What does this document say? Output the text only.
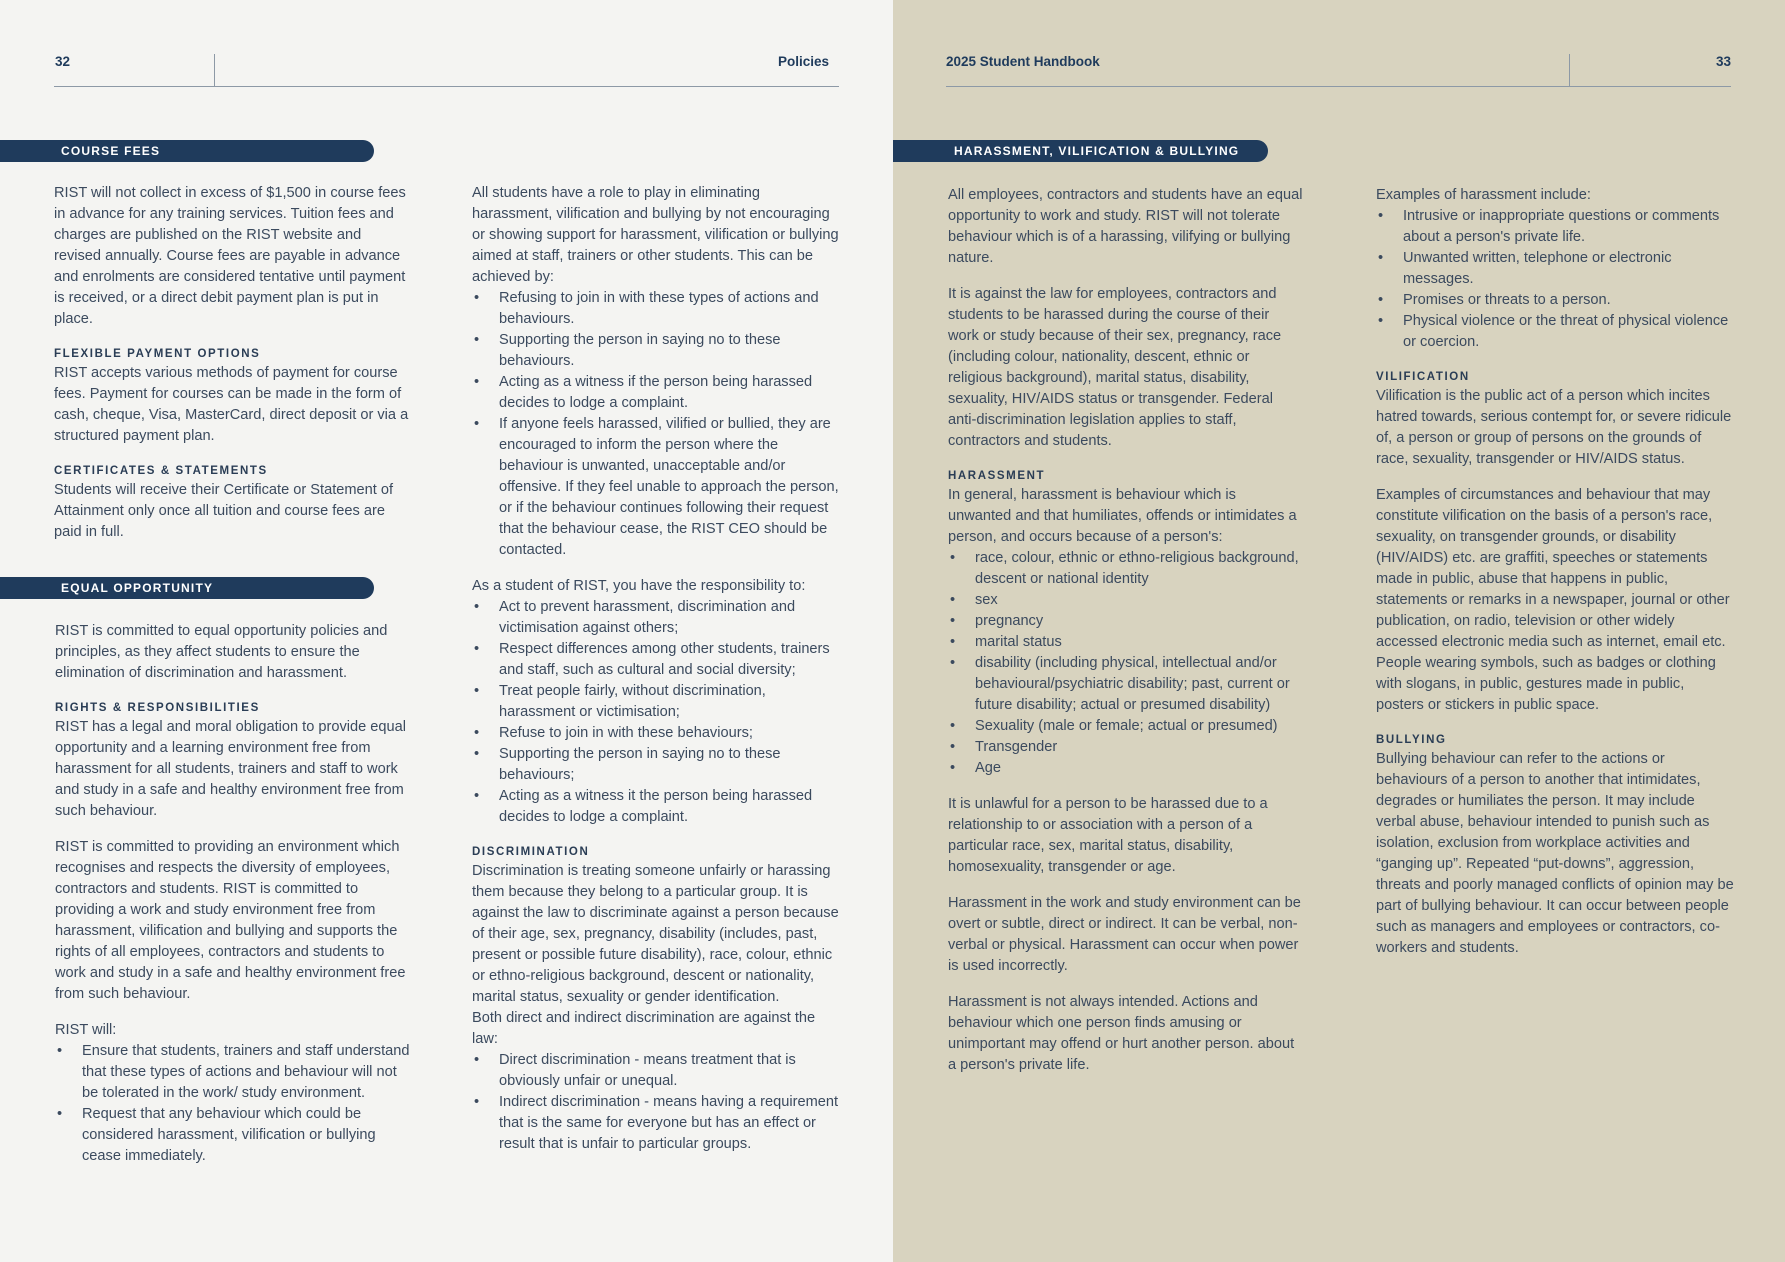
32	Policies
COURSE FEES

RIST will not collect in excess of $1,500 in course fees in advance for any training services. Tuition fees and charges are published on the RIST website and revised annually. Course fees are payable in advance and enrolments are considered tentative until payment is received, or a direct debit payment plan is put in place.

FLEXIBLE PAYMENT OPTIONS

RIST accepts various methods of payment for course fees. Payment for courses can be made in the form of cash, cheque, Visa, MasterCard, direct deposit or via a structured payment plan.

CERTIFICATES & STATEMENTS

Students will receive their Certificate or Statement of Attainment only once all tuition and course fees are paid in full.

EQUAL OPPORTUNITY

RIST is committed to equal opportunity policies and principles, as they affect students to ensure the elimination of discrimination and harassment.

RIGHTS & RESPONSIBILITIES

RIST has a legal and moral obligation to provide equal opportunity and a learning environment free from harassment for all students, trainers and staff to work and study in a safe and healthy environment free from such behaviour.

RIST is committed to providing an environment which recognises and respects the diversity of employees, contractors and students. RIST is committed to providing a work and study environment free from harassment, vilification and bullying and supports the rights of all employees, contractors and students to work and study in a safe and healthy environment free from such behaviour.

RIST will:

• Ensure that students, trainers and staff understand that these types of actions and behaviour will not be tolerated in the work/ study environment.
• Request that any behaviour which could be considered harassment, vilification or bullying cease immediately.

All students have a role to play in eliminating harassment, vilification and bullying by not encouraging or showing support for harassment, vilification or bullying aimed at staff, trainers or other students. This can be achieved by:

• Refusing to join in with these types of actions and behaviours.
• Supporting the person in saying no to these behaviours.
• Acting as a witness if the person being harassed decides to lodge a complaint.
• If anyone feels harassed, vilified or bullied, they are encouraged to inform the person where the behaviour is unwanted, unacceptable and/or offensive. If they feel unable to approach the person, or if the behaviour continues following their request that the behaviour cease, the RIST CEO should be contacted.

As a student of RIST, you have the responsibility to:

• Act to prevent harassment, discrimination and victimisation against others;
• Respect differences among other students, trainers and staff, such as cultural and social diversity;
• Treat people fairly, without discrimination, harassment or victimisation;
• Refuse to join in with these behaviours;
• Supporting the person in saying no to these behaviours;
• Acting as a witness it the person being harassed decides to lodge a complaint.
DISCRIMINATION

Discrimination is treating someone unfairly or harassing them because they belong to a particular group. It is against the law to discriminate against a person because of their age, sex, pregnancy, disability (includes, past, present or possible future disability), race, colour, ethnic or ethno-religious background, descent or nationality, marital status, sexuality or gender identification.

Both direct and indirect discrimination are against the law:

• Direct discrimination - means treatment that is obviously unfair or unequal.
• Indirect discrimination - means having a requirement that is the same for everyone but has an effect or result that is unfair to particular groups.
2025 Student Handbook	33
HARASSMENT, VILIFICATION & BULLYING

All employees, contractors and students have an equal opportunity to work and study. RIST will not tolerate behaviour which is of a harassing, vilifying or bullying nature.

It is against the law for employees, contractors and students to be harassed during the course of their work or study because of their sex, pregnancy, race (including colour, nationality, descent, ethnic or religious background), marital status, disability, sexuality, HIV/AIDS status or transgender. Federal anti-discrimination legislation applies to staff, contractors and students.

HARASSMENT

In general, harassment is behaviour which is unwanted and that humiliates, offends or intimidates a person, and occurs because of a person's:

• race, colour, ethnic or ethno-religious background, descent or national identity
• sex
• pregnancy
• marital status
• disability (including physical, intellectual and/or behavioural/psychiatric disability; past, current or future disability; actual or presumed disability)
• Sexuality (male or female; actual or presumed)
• Transgender
• Age

It is unlawful for a person to be harassed due to a relationship to or association with a person of a particular race, sex, marital status, disability, homosexuality, transgender or age.

Harassment in the work and study environment can be overt or subtle, direct or indirect. It can be verbal, non-verbal or physical. Harassment can occur when power is used incorrectly.

Harassment is not always intended. Actions and behaviour which one person finds amusing or unimportant may offend or hurt another person. about a person's private life.

Examples of harassment include:

• Intrusive or inappropriate questions or comments about a person's private life.
• Unwanted written, telephone or electronic messages.
• Promises or threats to a person.
• Physical violence or the threat of physical violence or coercion.
VILIFICATION

Vilification is the public act of a person which incites hatred towards, serious contempt for, or severe ridicule of, a person or group of persons on the grounds of race, sexuality, transgender or HIV/AIDS status.

Examples of circumstances and behaviour that may constitute vilification on the basis of a person's race, sexuality, on transgender grounds, or disability (HIV/AIDS) etc. are graffiti, speeches or statements made in public, abuse that happens in public, statements or remarks in a newspaper, journal or other publication, on radio, television or other widely accessed electronic media such as internet, email etc. People wearing symbols, such as badges or clothing with slogans, in public, gestures made in public, posters or stickers in public space.

BULLYING

Bullying behaviour can refer to the actions or behaviours of a person to another that intimidates, degrades or humiliates the person. It may include verbal abuse, behaviour intended to punish such as isolation, exclusion from workplace activities and “ganging up”. Repeated “put-downs”, aggression, threats and poorly managed conflicts of opinion may be part of bullying behaviour. It can occur between people such as managers and employees or contractors, co-workers and students.
